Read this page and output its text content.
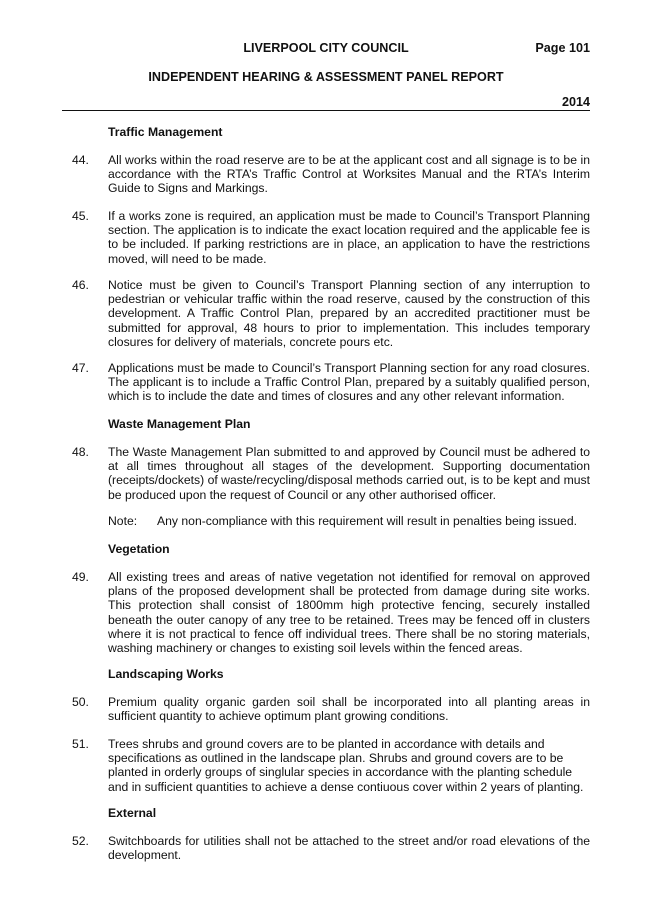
LIVERPOOL CITY COUNCIL	Page 101
INDEPENDENT HEARING & ASSESSMENT PANEL REPORT
2014
Traffic Management
44.	All works within the road reserve are to be at the applicant cost and all signage is to be in accordance with the RTA’s Traffic Control at Worksites Manual and the RTA’s Interim Guide to Signs and Markings.
45.	If a works zone is required, an application must be made to Council’s Transport Planning section. The application is to indicate the exact location required and the applicable fee is to be included. If parking restrictions are in place, an application to have the restrictions moved, will need to be made.
46.	Notice must be given to Council’s Transport Planning section of any interruption to pedestrian or vehicular traffic within the road reserve, caused by the construction of this development. A Traffic Control Plan, prepared by an accredited practitioner must be submitted for approval, 48 hours to prior to implementation. This includes temporary closures for delivery of materials, concrete pours etc.
47.	Applications must be made to Council’s Transport Planning section for any road closures. The applicant is to include a Traffic Control Plan, prepared by a suitably qualified person, which is to include the date and times of closures and any other relevant information.
Waste Management Plan
48.	The Waste Management Plan submitted to and approved by Council must be adhered to at all times throughout all stages of the development. Supporting documentation (receipts/dockets) of waste/recycling/disposal methods carried out, is to be kept and must be produced upon the request of Council or any other authorised officer.
Note: Any non-compliance with this requirement will result in penalties being issued.
Vegetation
49.	All existing trees and areas of native vegetation not identified for removal on approved plans of the proposed development shall be protected from damage during site works. This protection shall consist of 1800mm high protective fencing, securely installed beneath the outer canopy of any tree to be retained. Trees may be fenced off in clusters where it is not practical to fence off individual trees. There shall be no storing materials, washing machinery or changes to existing soil levels within the fenced areas.
Landscaping Works
50.	Premium quality organic garden soil shall be incorporated into all planting areas in sufficient quantity to achieve optimum plant growing conditions.
51.	Trees shrubs and ground covers are to be planted in accordance with details and specifications as outlined in the landscape plan. Shrubs and ground covers are to be planted in orderly groups of singlular species in accordance with the planting schedule and in sufficient quantities to achieve a dense contiuous cover within 2 years of planting.
External
52.	Switchboards for utilities shall not be attached to the street and/or road elevations of the development.
